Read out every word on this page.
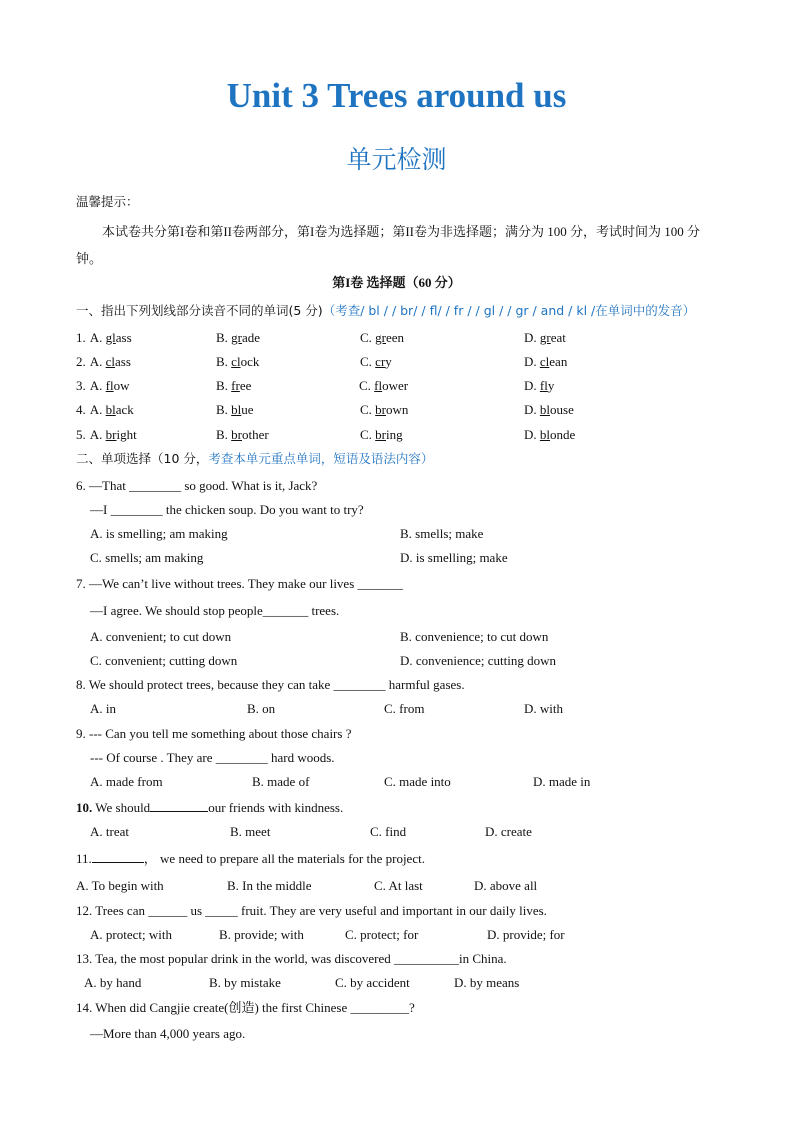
Unit 3 Trees around us
单元检测
温馨提示：
本试卷共分第I卷和第II卷两部分，第I卷为选择题；第II卷为非选择题；满分为 100 分，考试时间为 100 分钟。
第I卷 选择题（60 分）
一、指出下列划线部分读音不同的单词(5 分)（考查/ bl / / br/ / fl/ / fr / / gl / / gr / and / kl /在单词中的发音）
1. A. glass	B. grade	C. green	D. great
2. A. class	B. clock	C. cry	D. clean
3. A. flow	B. free	C. flower	D. fly
4. A. black	B. blue	C. brown	D. blouse
5. A. bright	B. brother	C. bring	D. blonde
二、单项选择（10 分，考查本单元重点单词，短语及语法内容）
6. —That ________ so good. What is it, Jack?
—I ________ the chicken soup. Do you want to try?
A. is smelling; am making	B. smells; make
C. smells; am making	D. is smelling; make
7. —We can’t live without trees. They make our lives _______
—I agree. We should stop people_______ trees.
A. convenient; to cut down	B. convenience; to cut down
C. convenient; cutting down	D. convenience; cutting down
8. We should protect trees, because they can take ________ harmful gases.
A. in	B. on	C. from	D. with
9. --- Can you tell me something about those chairs ?
--- Of course . They are ________ hard woods.
A. made from	B. made of	C. made into	D. made in
10. We should	our friends with kindness.
A. treat	B. meet	C. find	D. create
11.	， we need to prepare all the materials for the project.
A. To begin with	B. In the middle	C. At last	D. above all
12. Trees can ______ us _____ fruit. They are very useful and important in our daily lives.
A. protect; with	B. provide; with	C. protect; for	D. provide; for
13. Tea, the most popular drink in the world, was discovered __________in China.
A. by hand	B. by mistake	C. by accident	D. by means
14. When did Cangjie create(创造) the first Chinese _________?
—More than 4,000 years ago.
